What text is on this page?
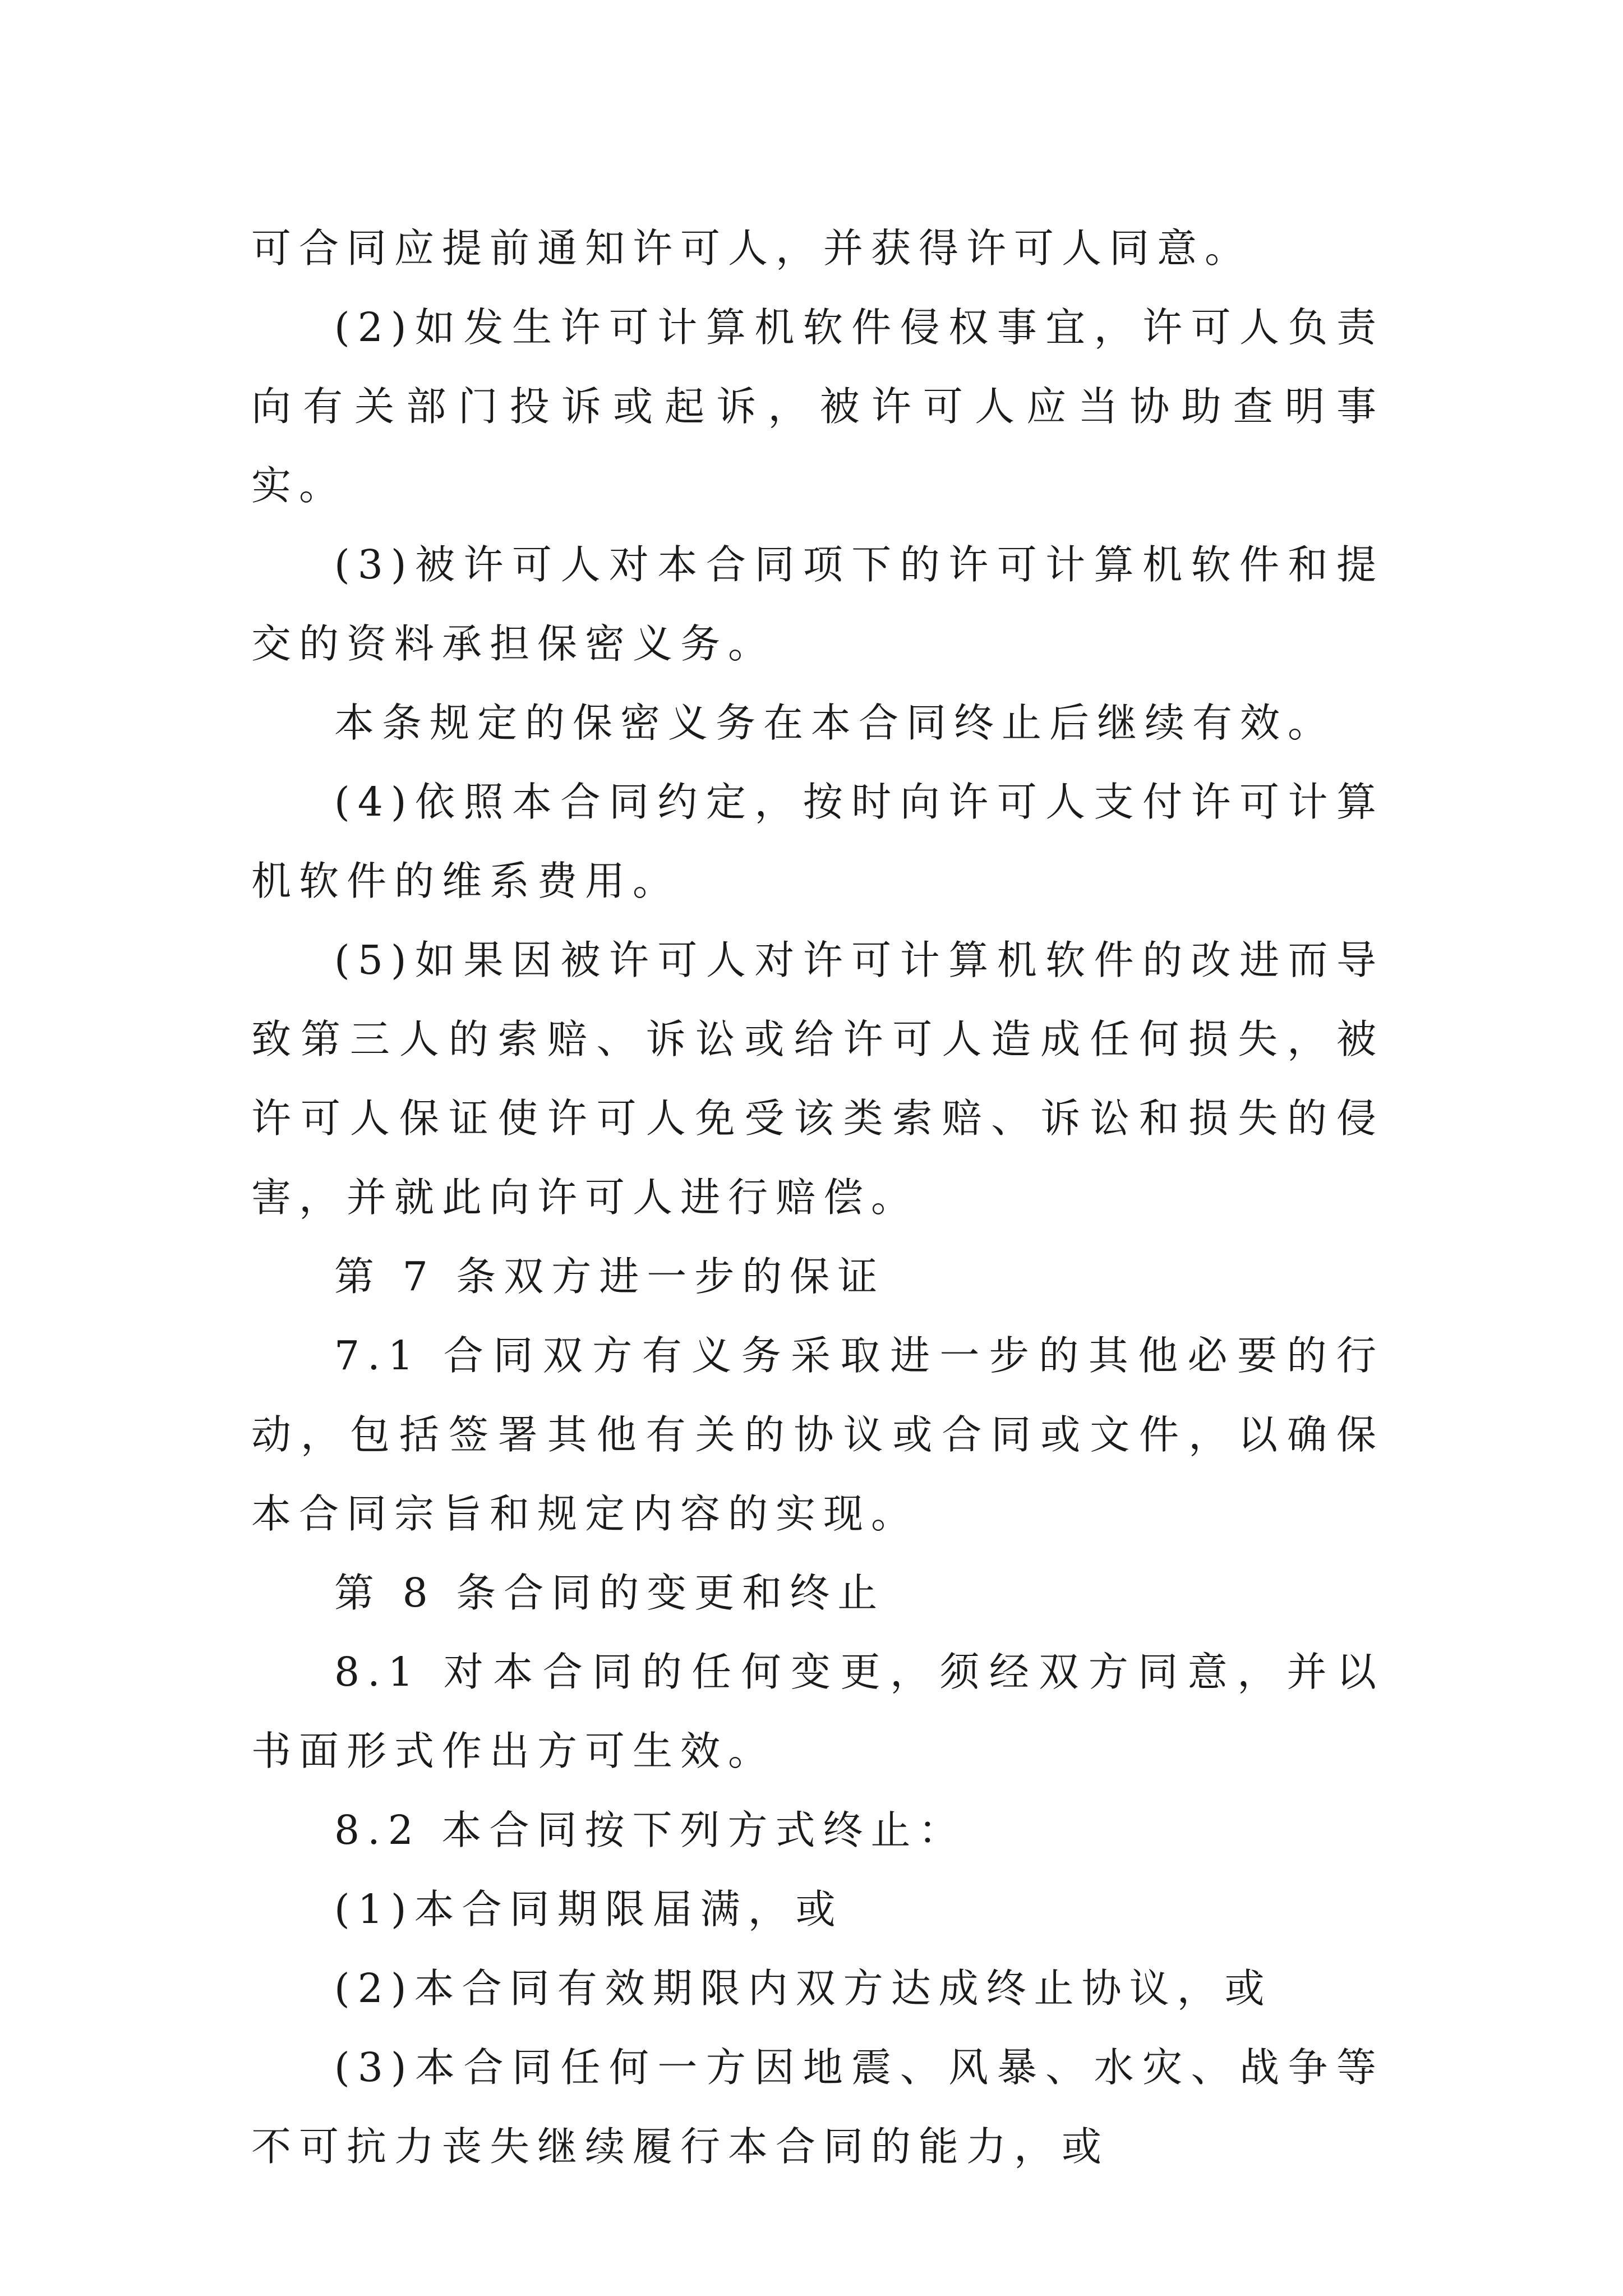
可合同应提前通知许可人，并获得许可人同意。

(2)如发生许可计算机软件侵权事宜，许可人负责向有关部门投诉或起诉，被许可人应当协助查明事实。

(3)被许可人对本合同项下的许可计算机软件和提交的资料承担保密义务。

本条规定的保密义务在本合同终止后继续有效。

(4)依照本合同约定，按时向许可人支付许可计算机软件的维系费用。

(5)如果因被许可人对许可计算机软件的改进而导致第三人的索赔、诉讼或给许可人造成任何损失，被许可人保证使许可人免受该类索赔、诉讼和损失的侵害，并就此向许可人进行赔偿。

第 7 条双方进一步的保证

7.1 合同双方有义务采取进一步的其他必要的行动，包括签署其他有关的协议或合同或文件，以确保本合同宗旨和规定内容的实现。

第 8 条合同的变更和终止

8.1 对本合同的任何变更，须经双方同意，并以书面形式作出方可生效。

8.2 本合同按下列方式终止：

(1)本合同期限届满，或

(2)本合同有效期限内双方达成终止协议，或

(3)本合同任何一方因地震、风暴、水灾、战争等不可抗力丧失继续履行本合同的能力，或
